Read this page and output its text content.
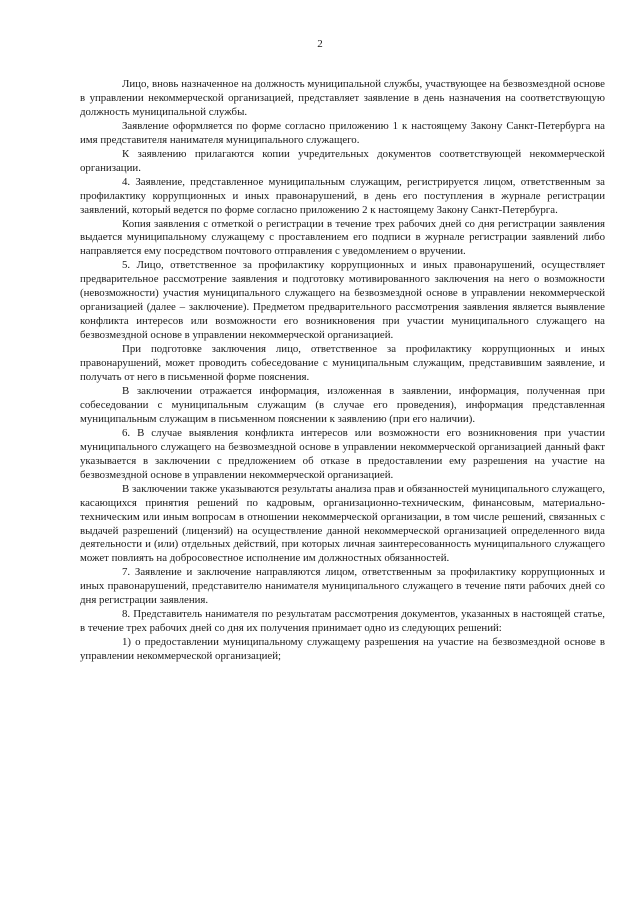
2

Лицо, вновь назначенное на должность муниципальной службы, участвующее на безвозмездной основе в управлении некоммерческой организацией, представляет заявление в день назначения на соответствующую должность муниципальной службы.

Заявление оформляется по форме согласно приложению 1 к настоящему Закону Санкт-Петербурга на имя представителя нанимателя муниципального служащего.

К заявлению прилагаются копии учредительных документов соответствующей некоммерческой организации.

4. Заявление, представленное муниципальным служащим, регистрируется лицом, ответственным за профилактику коррупционных и иных правонарушений, в день его поступления в журнале регистрации заявлений, который ведется по форме согласно приложению 2 к настоящему Закону Санкт-Петербурга.

Копия заявления с отметкой о регистрации в течение трех рабочих дней со дня регистрации заявления выдается муниципальному служащему с проставлением его подписи в журнале регистрации заявлений либо направляется ему посредством почтового отправления с уведомлением о вручении.

5. Лицо, ответственное за профилактику коррупционных и иных правонарушений, осуществляет предварительное рассмотрение заявления и подготовку мотивированного заключения на него о возможности (невозможности) участия муниципального служащего на безвозмездной основе в управлении некоммерческой организацией (далее – заключение). Предметом предварительного рассмотрения заявления является выявление конфликта интересов или возможности его возникновения при участии муниципального служащего на безвозмездной основе в управлении некоммерческой организацией.

При подготовке заключения лицо, ответственное за профилактику коррупционных и иных правонарушений, может проводить собеседование с муниципальным служащим, представившим заявление, и получать от него в письменной форме пояснения.

В заключении отражается информация, изложенная в заявлении, информация, полученная при собеседовании с муниципальным служащим (в случае его проведения), информация представленная муниципальным служащим в письменном пояснении к заявлению (при его наличии).

6. В случае выявления конфликта интересов или возможности его возникновения при участии муниципального служащего на безвозмездной основе в управлении некоммерческой организацией данный факт указывается в заключении с предложением об отказе в предоставлении ему разрешения на участие на безвозмездной основе в управлении некоммерческой организацией.

В заключении также указываются результаты анализа прав и обязанностей муниципального служащего, касающихся принятия решений по кадровым, организационно-техническим, финансовым, материально-техническим или иным вопросам в отношении некоммерческой организации, в том числе решений, связанных с выдачей разрешений (лицензий) на осуществление данной некоммерческой организацией определенного вида деятельности и (или) отдельных действий, при которых личная заинтересованность муниципального служащего может повлиять на добросовестное исполнение им должностных обязанностей.

7. Заявление и заключение направляются лицом, ответственным за профилактику коррупционных и иных правонарушений, представителю нанимателя муниципального служащего в течение пяти рабочих дней со дня регистрации заявления.

8. Представитель нанимателя по результатам рассмотрения документов, указанных в настоящей статье, в течение трех рабочих дней со дня их получения принимает одно из следующих решений:

1) о предоставлении муниципальному служащему разрешения на участие на безвозмездной основе в управлении некоммерческой организацией;
